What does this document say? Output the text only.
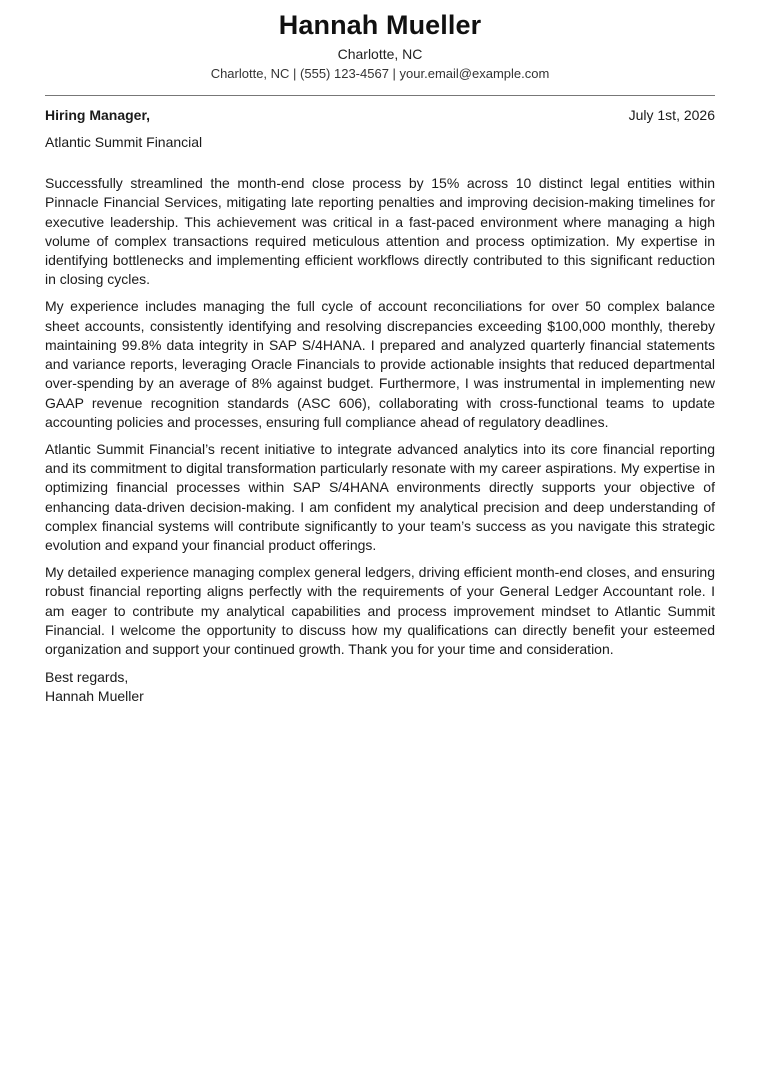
Hannah Mueller
Charlotte, NC
Charlotte, NC | (555) 123-4567 | your.email@example.com
Hiring Manager,	July 1st, 2026
Atlantic Summit Financial

Successfully streamlined the month-end close process by 15% across 10 distinct legal entities within Pinnacle Financial Services, mitigating late reporting penalties and improving decision-making timelines for executive leadership. This achievement was critical in a fast-paced environment where managing a high volume of complex transactions required meticulous attention and process optimization. My expertise in identifying bottlenecks and implementing efficient workflows directly contributed to this significant reduction in closing cycles.

My experience includes managing the full cycle of account reconciliations for over 50 complex balance sheet accounts, consistently identifying and resolving discrepancies exceeding $100,000 monthly, thereby maintaining 99.8% data integrity in SAP S/4HANA. I prepared and analyzed quarterly financial statements and variance reports, leveraging Oracle Financials to provide actionable insights that reduced departmental over-spending by an average of 8% against budget. Furthermore, I was instrumental in implementing new GAAP revenue recognition standards (ASC 606), collaborating with cross-functional teams to update accounting policies and processes, ensuring full compliance ahead of regulatory deadlines.

Atlantic Summit Financial’s recent initiative to integrate advanced analytics into its core financial reporting and its commitment to digital transformation particularly resonate with my career aspirations. My expertise in optimizing financial processes within SAP S/4HANA environments directly supports your objective of enhancing data-driven decision-making. I am confident my analytical precision and deep understanding of complex financial systems will contribute significantly to your team’s success as you navigate this strategic evolution and expand your financial product offerings.

My detailed experience managing complex general ledgers, driving efficient month-end closes, and ensuring robust financial reporting aligns perfectly with the requirements of your General Ledger Accountant role. I am eager to contribute my analytical capabilities and process improvement mindset to Atlantic Summit Financial. I welcome the opportunity to discuss how my qualifications can directly benefit your esteemed organization and support your continued growth. Thank you for your time and consideration.

Best regards,
Hannah Mueller
